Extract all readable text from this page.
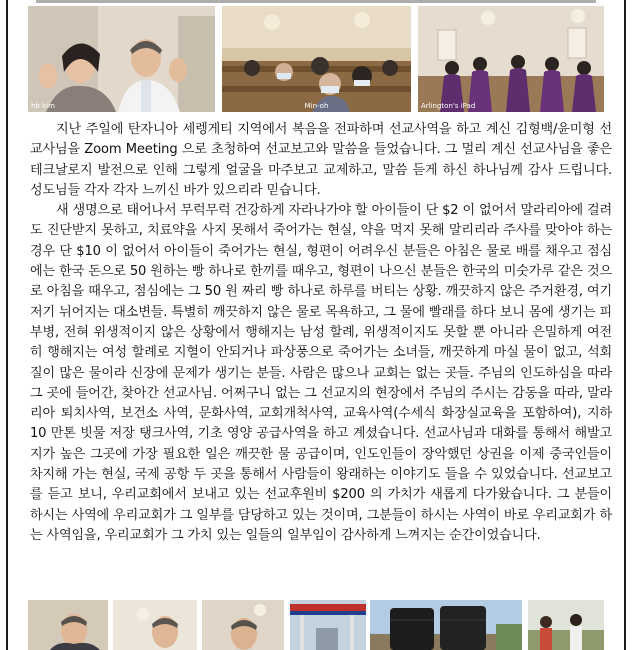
hb kim	Min-oh	Arlington's iPad

지난 주일에 탄자니아 세렝게티 지역에서 복음을 전파하며 선교사역을 하고 계신 김형백/윤미형 선교사님을 Zoom Meeting 으로 초청하여 선교보고와 말씀을 들었습니다. 그 멀리 계신 선교사님을 좋은 테크날로지 발전으로 인해 그렇게 얼굴을 마주보고 교제하고, 말씀 듣게 하신 하나님께 감사 드립니다. 성도님들 각자 각자 느끼신 바가 있으리라 믿습니다.

새 생명으로 태어나서 무럭무럭 건강하게 자라나가야 할 아이들이 단 $2 이 없어서 말라리아에 걸려도 진단받지 못하고, 치료약을 사지 못해서 죽어가는 현실, 약을 먹지 못해 말리리라 주사를 맞아야 하는 경우 단 $10 이 없어서 아이들이 죽어가는 현실, 형편이 어려우신 분들은 아침은 물로 배를 채우고 점심에는 한국 돈으로 50 원하는 빵 하나로 한끼를 때우고, 형편이 나으신 분들은 한국의 미숫가루 같은 것으로 아침을 때우고, 점심에는 그 50 원 짜리 빵 하나로 하루를 버티는 상황. 깨끗하지 않은 주거환경, 여기저기 뉘어지는 대소변들. 특별히 깨끗하지 않은 물로 목욕하고, 그 물에 빨래를 하다 보니 몸에 생기는 피부병, 전혀 위생적이지 않은 상황에서 행해지는 남성 할례, 위생적이지도 못할 뿐 아니라 은밀하게 여전히 행해지는 여성 할례로 지혈이 안되거나 파상풍으로 죽어가는 소녀들, 깨끗하게 마실 물이 없고, 석회질이 많은 물이라 신장에 문제가 생기는 분들. 사람은 많으나 교회는 없는 곳들. 주님의 인도하심을 따라 그 곳에 들어간, 찾아간 선교사님. 어쩌구니 없는 그 선교지의 현장에서 주님의 주시는 감동을 따라, 말라리아 퇴치사역, 보건소 사역, 문화사역, 교회개척사역, 교육사역(수세식 화장실교육을 포함하여), 지하 10 만톤 빗물 저장 탱크사역, 기초 영양 공급사역을 하고 계셨습니다. 선교사님과 대화를 통해서 해발고지가 높은 그곳에 가장 필요한 일은 깨끗한 물 공급이며, 인도인들이 장악했던 상권을 이제 중국인들이 차지해 가는 현실, 국제 공항 두 곳을 통해서 사람들이 왕래하는 이야기도 들을 수 있었습니다. 선교보고를 듣고 보니, 우리교회에서 보내고 있는 선교후원비 $200 의 가치가 새롭게 다가왔습니다. 그 분들이 하시는 사역에 우리교회가 그 일부를 담당하고 있는 것이며, 그분들이 하시는 사역이 바로 우리교회가 하는 사역임을, 우리교회가 그 가치 있는 일들의 일부임이 감사하게 느껴지는 순간이었습니다.
